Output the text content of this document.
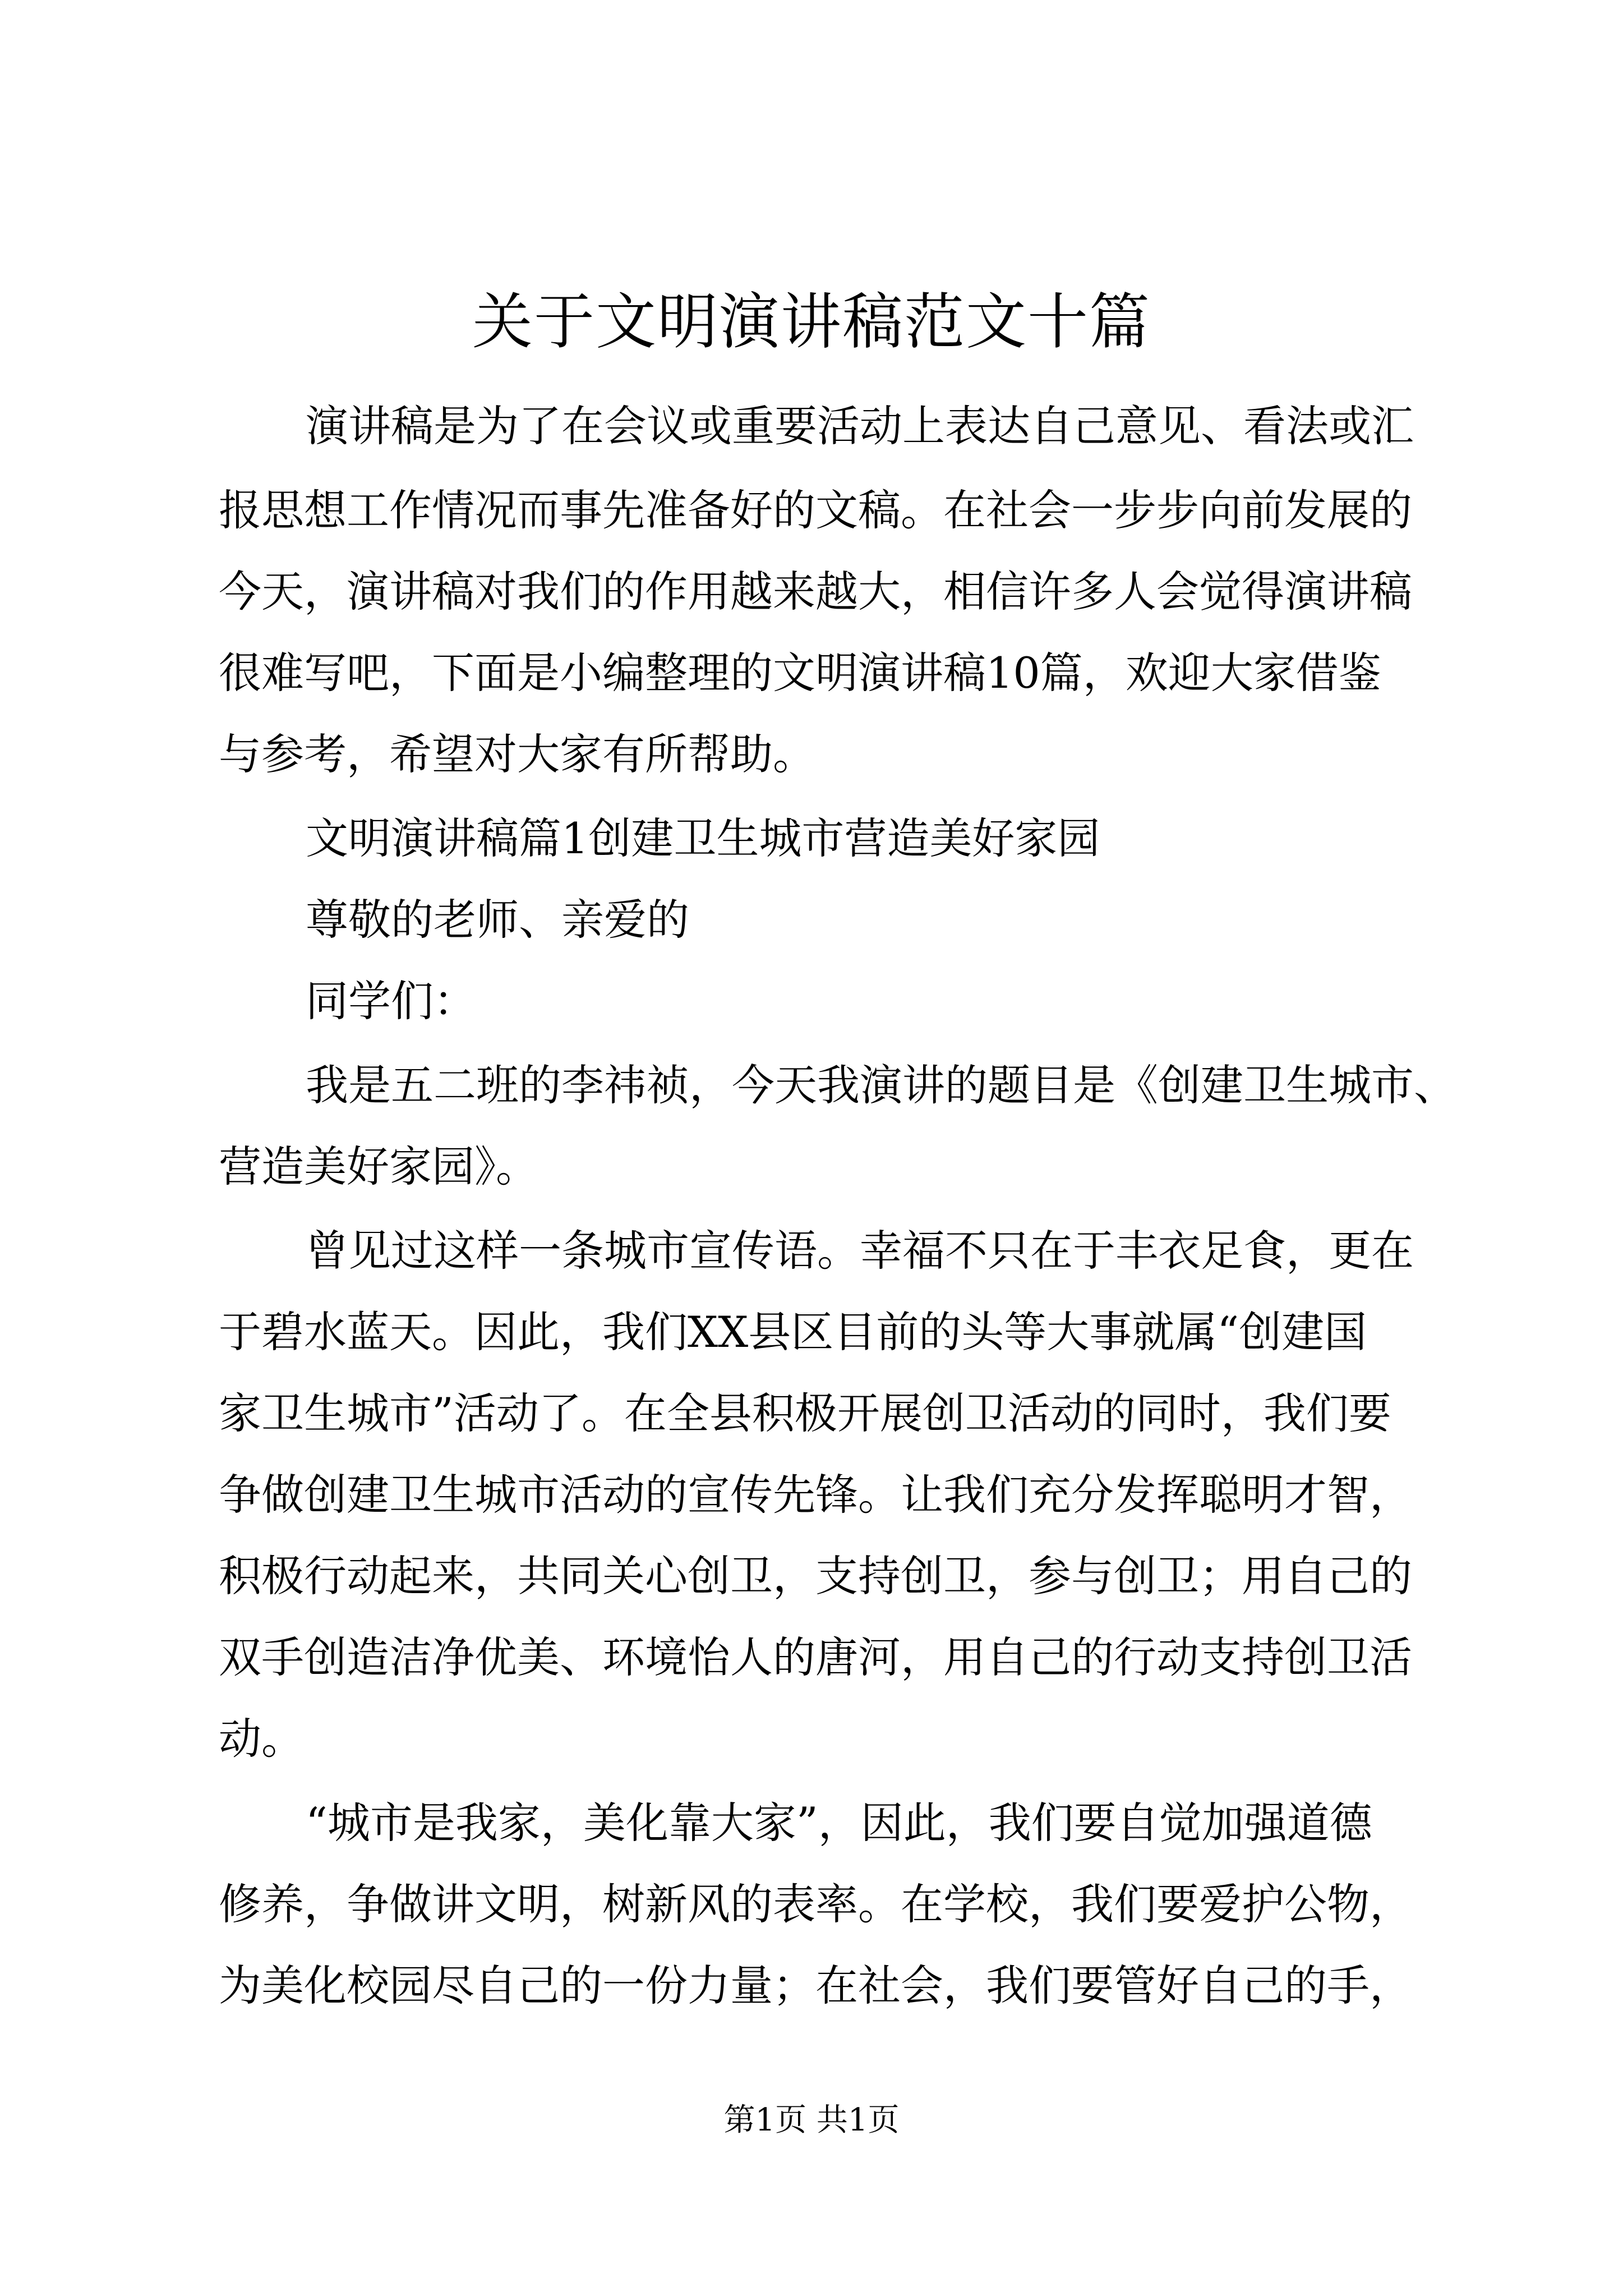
关于文明演讲稿范文十篇
演讲稿是为了在会议或重要活动上表达自己意见、看法或汇
报思想工作情况而事先准备好的文稿。在社会一步步向前发展的
今天，演讲稿对我们的作用越来越大，相信许多人会觉得演讲稿
很难写吧，下面是小编整理的文明演讲稿10篇，欢迎大家借鉴
与参考，希望对大家有所帮助。
文明演讲稿篇1创建卫生城市营造美好家园
尊敬的老师、亲爱的
同学们：
我是五二班的李祎祯，今天我演讲的题目是《创建卫生城市、
营造美好家园》。
曾见过这样一条城市宣传语。幸福不只在于丰衣足食，更在
于碧水蓝天。因此，我们XX县区目前的头等大事就属“创建国
家卫生城市”活动了。在全县积极开展创卫活动的同时，我们要
争做创建卫生城市活动的宣传先锋。让我们充分发挥聪明才智，
积极行动起来，共同关心创卫，支持创卫，参与创卫；用自己的
双手创造洁净优美、环境怡人的唐河，用自己的行动支持创卫活
动。
“城市是我家，美化靠大家”，因此，我们要自觉加强道德
修养，争做讲文明，树新风的表率。在学校，我们要爱护公物，
为美化校园尽自己的一份力量；在社会，我们要管好自己的手，
第1页 共1页
